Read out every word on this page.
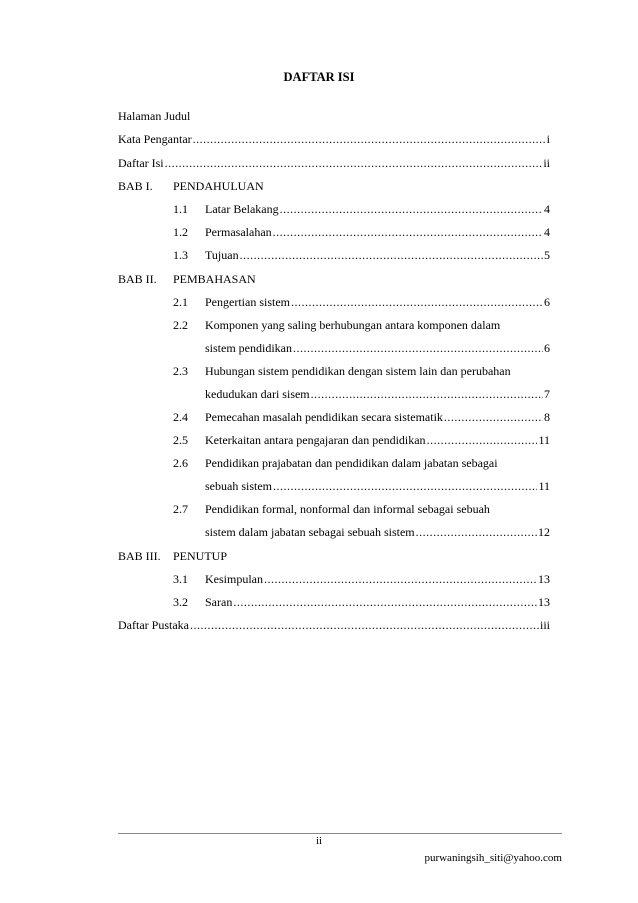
DAFTAR ISI
Halaman Judul
Kata Pengantar .....	i
Daftar Isi .....	ii
BAB I. PENDAHULUAN
1.1 Latar Belakang .....	4
1.2 Permasalahan .....	4
1.3 Tujuan .....	5
BAB II. PEMBAHASAN
2.1 Pengertian sistem .....	6
2.2 Komponen yang saling berhubungan antara komponen dalam
sistem pendidikan .....	6
2.3 Hubungan sistem pendidikan dengan sistem lain dan perubahan
kedudukan dari sisem .....	7
2.4 Pemecahan masalah pendidikan secara sistematik .....	8
2.5 Keterkaitan antara pengajaran dan pendidikan .....	11
2.6 Pendidikan prajabatan dan pendidikan dalam jabatan sebagai
sebuah sistem .....	11
2.7 Pendidikan formal, nonformal dan informal sebagai sebuah
sistem dalam jabatan sebagai sebuah sistem .....	12
BAB III. PENUTUP
3.1 Kesimpulan .....	13
3.2 Saran .....	13
Daftar Pustaka .....	iii
ii
purwaningsih_siti@yahoo.com
